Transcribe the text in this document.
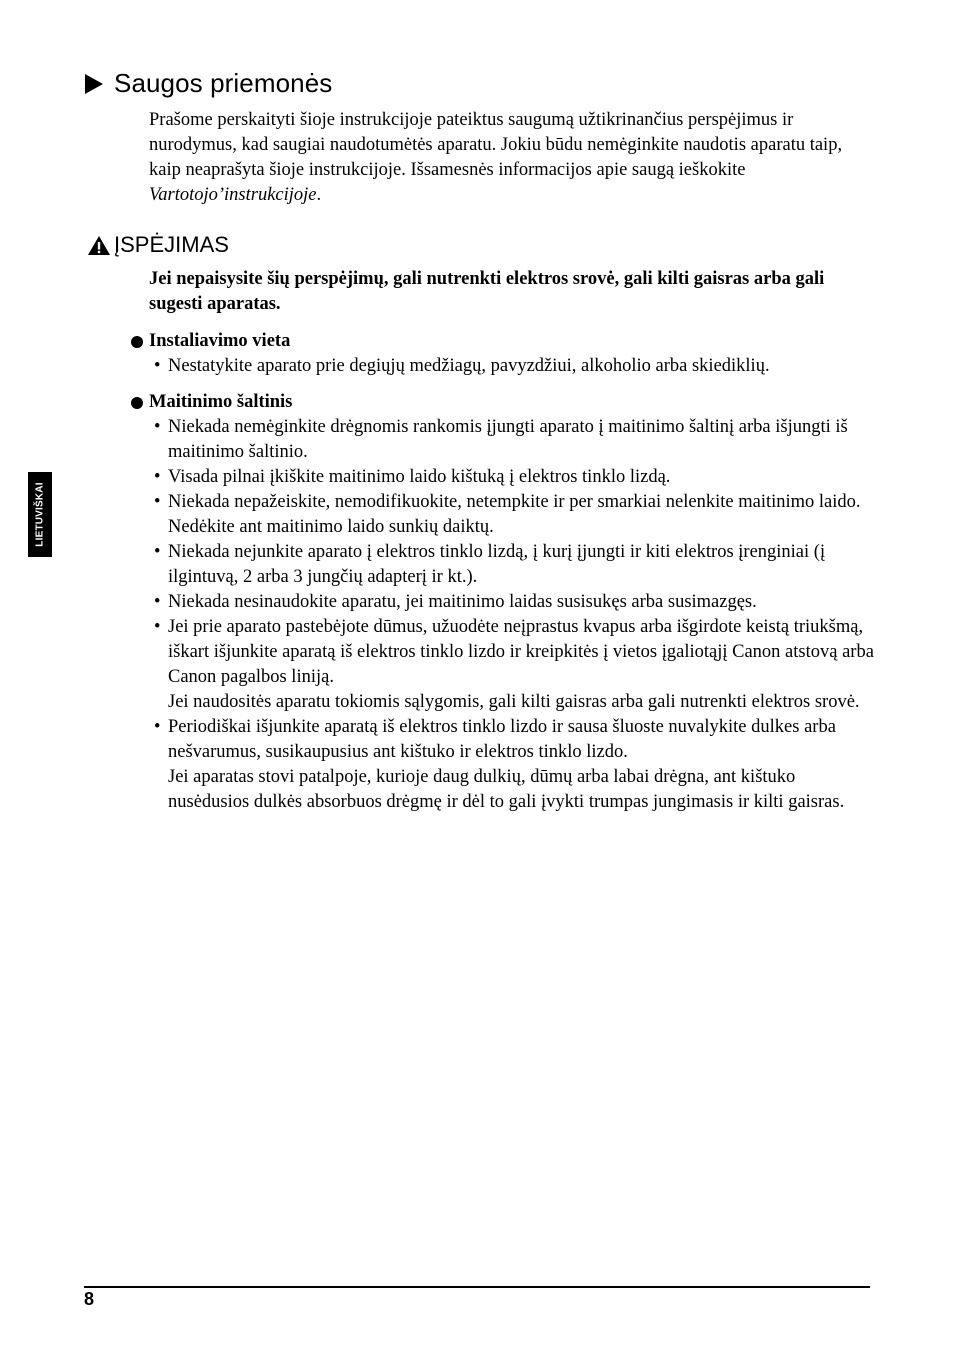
Saugos priemonės
Prašome perskaityti šioje instrukcijoje pateiktus saugumą užtikrinančius perspėjimus ir nurodymus, kad saugiai naudotumėtės aparatu. Jokiu būdu nemėginkite naudotis aparatu taip, kaip neaprašyta šioje instrukcijoje. Išsamesnės informacijos apie saugą ieškokite Vartotojo’instrukcijoje.
ĮSPĖJIMAS
Jei nepaisysite šių perspėjimų, gali nutrenkti elektros srovė, gali kilti gaisras arba gali sugesti aparatas.
Instaliavimo vieta
• Nestatykite aparato prie degiųjų medžiagų, pavyzdžiui, alkoholio arba skiediklių.
Maitinimo šaltinis
• Niekada nemėginkite drėgnomis rankomis įjungti aparato į maitinimo šaltinį arba išjungti iš maitinimo šaltinio.
• Visada pilnai įkiškite maitinimo laido kištuką į elektros tinklo lizdą.
• Niekada nepažeiskite, nemodifikuokite, netempkite ir per smarkiai nelenkite maitinimo laido. Nedėkite ant maitinimo laido sunkių daiktų.
• Niekada nejunkite aparato į elektros tinklo lizdą, į kurį įjungti ir kiti elektros įrenginiai (į ilgintuvą, 2 arba 3 jungčių adapterį ir kt.).
• Niekada nesinaudokite aparatu, jei maitinimo laidas susisukęs arba susimazgęs.
• Jei prie aparato pastebėjote dūmus, užuodėte neįprastus kvapus arba išgirdote keistą triukšmą, iškart išjunkite aparatą iš elektros tinklo lizdo ir kreipkitės į vietos įgaliotąjį Canon atstovą arba Canon pagalbos liniją.
Jei naudositės aparatu tokiomis sąlygomis, gali kilti gaisras arba gali nutrenkti elektros srovė.
• Periodiškai išjunkite aparatą iš elektros tinklo lizdo ir sausa šluoste nuvalykite dulkes arba nešvarumus, susikaupusius ant kištuko ir elektros tinklo lizdo.
Jei aparatas stovi patalpoje, kurioje daug dulkių, dūmų arba labai drėgna, ant kištuko nusėdusios dulkės absorbuos drėgmę ir dėl to gali įvykti trumpas jungimasis ir kilti gaisras.
LIETUVIŠKAI
8
